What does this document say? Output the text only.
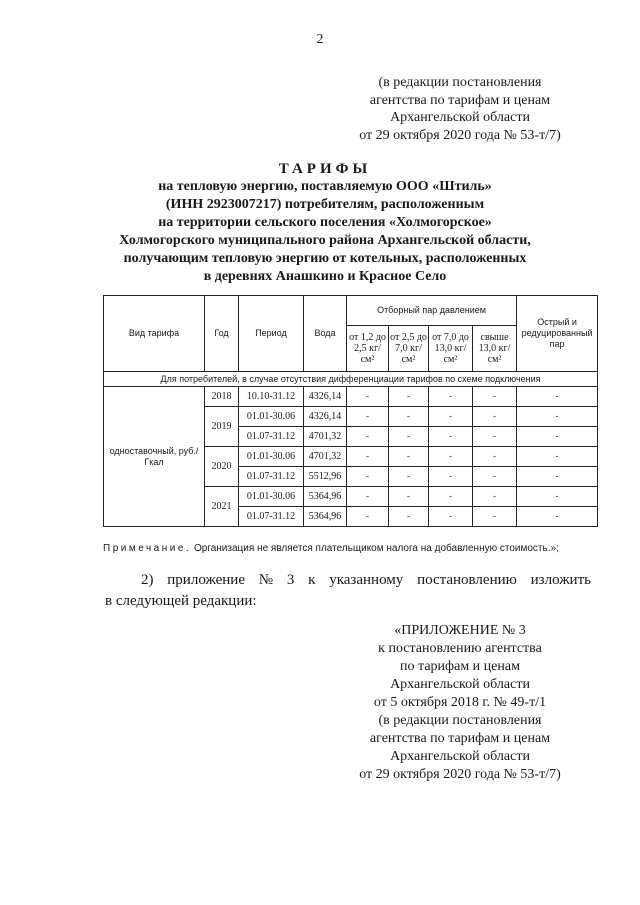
2
(в редакции постановления
агентства по тарифам и ценам
Архангельской области
от 29 октября 2020 года № 53-т/7)
ТАРИФЫ
на тепловую энергию, поставляемую ООО «Штиль»
(ИНН 2923007217) потребителям, расположенным
на территории сельского поселения «Холмогорское»
Холмогорского муниципального района Архангельской области,
получающим тепловую энергию от котельных, расположенных
в деревнях Анашкино и Красное Село
Вид тарифа	Год	Период	Вода	Отборный пар давлением				Острый и редуцированный пар
				от 1,2 до 2,5 кг/см²	от 2,5 до 7,0 кг/см²	от 7,0 до 13,0 кг/см²	свыше 13,0 кг/см²	
Для потребителей, в случае отсутствия дифференциации тарифов по схеме подключения								
одноставочный, руб./Гкал	2018	10.10-31.12	4326,14	-	-	-	-	-
	2019	01.01-30.06	4326,14	-	-	-	-	-
		01.07-31.12	4701,32	-	-	-	-	-
	2020	01.01-30.06	4701,32	-	-	-	-	-
		01.07-31.12	5512,96	-	-	-	-	-
	2021	01.01-30.06	5364,96	-	-	-	-	-
		01.07-31.12	5364,96	-	-	-	-	-
Примечание. Организация не является плательщиком налога на добавленную стоимость.»;
2) приложение № 3 к указанному постановлению изложить
в следующей редакции:
«ПРИЛОЖЕНИЕ № 3
к постановлению агентства
по тарифам и ценам
Архангельской области
от 5 октября 2018 г. № 49-т/1
(в редакции постановления
агентства по тарифам и ценам
Архангельской области
от 29 октября 2020 года № 53-т/7)
